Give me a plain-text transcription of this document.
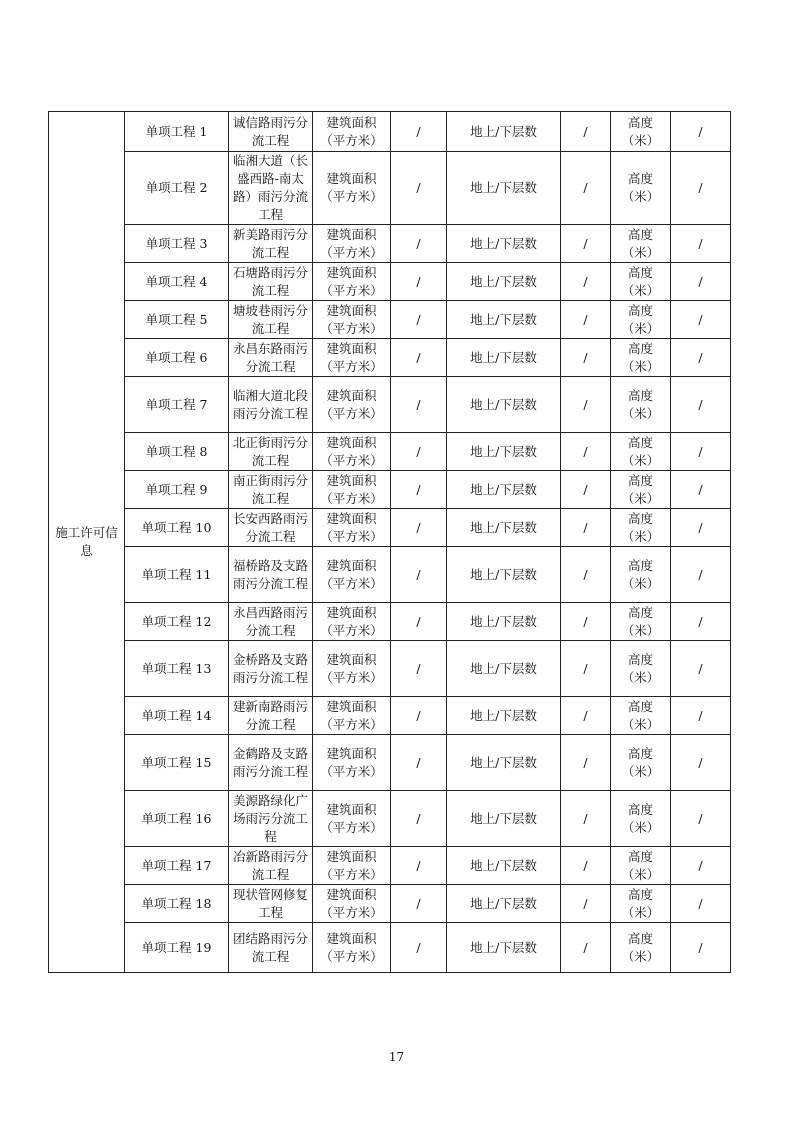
施工许可信息	单项工程 1	诚信路雨污分流工程	建筑面积（平方米）	/	地上/下层数	/	高度（米）	/
	单项工程 2	临湘大道（长盛西路-南太路）雨污分流工程	建筑面积（平方米）	/	地上/下层数	/	高度（米）	/
	单项工程 3	新美路雨污分流工程	建筑面积（平方米）	/	地上/下层数	/	高度（米）	/
	单项工程 4	石塘路雨污分流工程	建筑面积（平方米）	/	地上/下层数	/	高度（米）	/
	单项工程 5	塘坡巷雨污分流工程	建筑面积（平方米）	/	地上/下层数	/	高度（米）	/
	单项工程 6	永昌东路雨污分流工程	建筑面积（平方米）	/	地上/下层数	/	高度（米）	/
	单项工程 7	临湘大道北段雨污分流工程	建筑面积（平方米）	/	地上/下层数	/	高度（米）	/
	单项工程 8	北正街雨污分流工程	建筑面积（平方米）	/	地上/下层数	/	高度（米）	/
	单项工程 9	南正街雨污分流工程	建筑面积（平方米）	/	地上/下层数	/	高度（米）	/
	单项工程 10	长安西路雨污分流工程	建筑面积（平方米）	/	地上/下层数	/	高度（米）	/
	单项工程 11	福桥路及支路雨污分流工程	建筑面积（平方米）	/	地上/下层数	/	高度（米）	/
	单项工程 12	永昌西路雨污分流工程	建筑面积（平方米）	/	地上/下层数	/	高度（米）	/
	单项工程 13	金桥路及支路雨污分流工程	建筑面积（平方米）	/	地上/下层数	/	高度（米）	/
	单项工程 14	建新南路雨污分流工程	建筑面积（平方米）	/	地上/下层数	/	高度（米）	/
	单项工程 15	金鹤路及支路雨污分流工程	建筑面积（平方米）	/	地上/下层数	/	高度（米）	/
	单项工程 16	美源路绿化广场雨污分流工程	建筑面积（平方米）	/	地上/下层数	/	高度（米）	/
	单项工程 17	冶新路雨污分流工程	建筑面积（平方米）	/	地上/下层数	/	高度（米）	/
	单项工程 18	现状管网修复工程	建筑面积（平方米）	/	地上/下层数	/	高度（米）	/
	单项工程 19	团结路雨污分流工程	建筑面积（平方米）	/	地上/下层数	/	高度（米）	/
17
